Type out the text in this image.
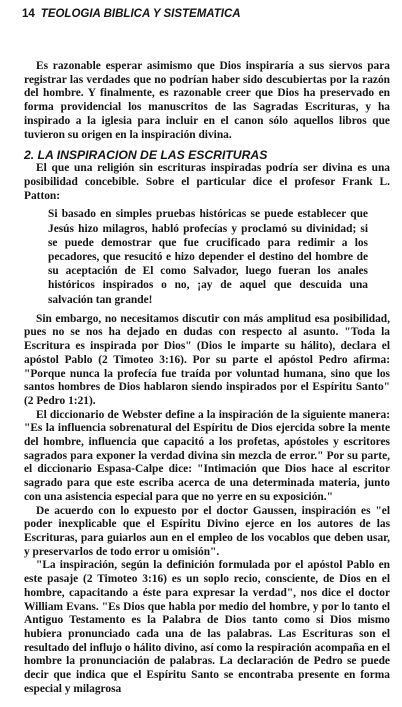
14 TEOLOGIA BIBLICA Y SISTEMATICA

Es razonable esperar asimismo que Dios inspiraría a sus siervos para registrar las verdades que no podrían haber sido descubiertas por la razón del hombre. Y finalmente, es razonable creer que Dios ha preservado en forma providencial los manuscritos de las Sagradas Escrituras, y ha inspirado a la iglesia para incluir en el canon sólo aquellos libros que tuvieron su origen en la inspiración divina.

2. LA INSPIRACION DE LAS ESCRITURAS

El que una religión sin escrituras inspiradas podría ser divina es una posibilidad concebible. Sobre el particular dice el profesor Frank L. Patton:

Si basado en simples pruebas históricas se puede establecer que Jesús hizo milagros, habló profecías y proclamó su divinidad; si se puede demostrar que fue crucificado para redimir a los pecadores, que resucitó e hizo depender el destino del hombre de su aceptación de El como Salvador, luego fueran los anales históricos inspirados o no, ¡ay de aquel que descuida una salvación tan grande!

Sin embargo, no necesitamos discutir con más amplitud esa posibilidad, pues no se nos ha dejado en dudas con respecto al asunto. "Toda la Escritura es inspirada por Dios" (Dios le imparte su hálito), declara el apóstol Pablo (2 Timoteo 3:16). Por su parte el apóstol Pedro afirma: "Porque nunca la profecía fue traída por voluntad humana, sino que los santos hombres de Dios hablaron siendo inspirados por el Espíritu Santo" (2 Pedro 1:21).

El diccionario de Webster define a la inspiración de la siguiente manera: "Es la influencia sobrenatural del Espíritu de Dios ejercida sobre la mente del hombre, influencia que capacitó a los profetas, apóstoles y escritores sagrados para exponer la verdad divina sin mezcla de error." Por su parte, el diccionario Espasa-Calpe dice: "Intimación que Dios hace al escritor sagrado para que este escriba acerca de una determinada materia, junto con una asistencia especial para que no yerre en su exposición."

De acuerdo con lo expuesto por el doctor Gaussen, inspiración es "el poder inexplicable que el Espíritu Divino ejerce en los autores de las Escrituras, para guiarlos aun en el empleo de los vocablos que deben usar, y preservarlos de todo error u omisión".

"La inspiración, según la definición formulada por el apóstol Pablo en este pasaje (2 Timoteo 3:16) es un soplo recio, consciente, de Dios en el hombre, capacitando a éste para expresar la verdad", nos dice el doctor William Evans. "Es Dios que habla por medio del hombre, y por lo tanto el Antiguo Testamento es la Palabra de Dios tanto como si Dios mismo hubiera pronunciado cada una de las palabras. Las Escrituras son el resultado del influjo o hálito divino, así como la respiración acompaña en el hombre la pronunciación de palabras. La declaración de Pedro se puede decir que indica que el Espíritu Santo se encontraba presente en forma especial y milagrosa
